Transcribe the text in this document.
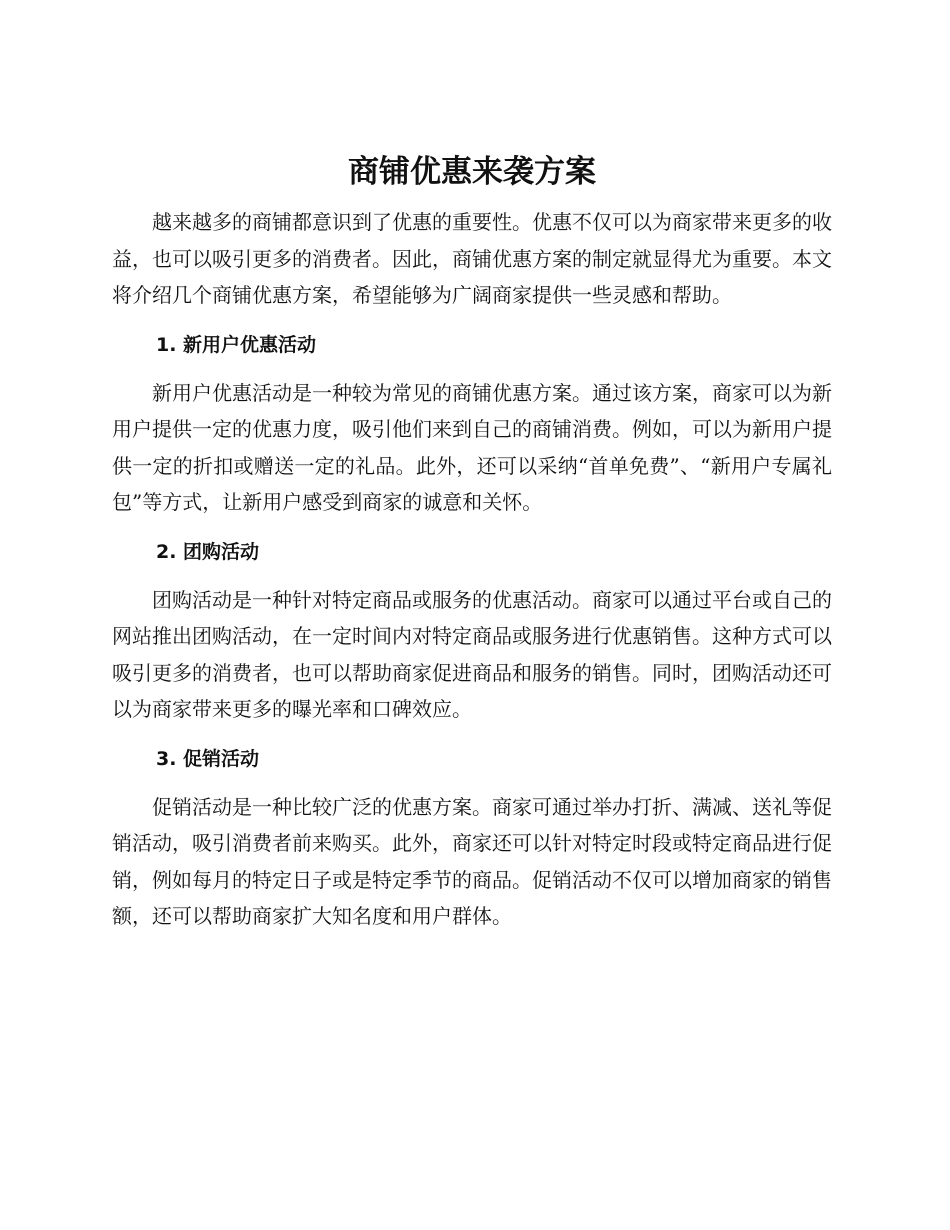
商铺优惠来袭方案

越来越多的商铺都意识到了优惠的重要性。优惠不仅可以为商家带来更多的收益，也可以吸引更多的消费者。因此，商铺优惠方案的制定就显得尤为重要。本文将介绍几个商铺优惠方案，希望能够为广阔商家提供一些灵感和帮助。

1. 新用户优惠活动

新用户优惠活动是一种较为常见的商铺优惠方案。通过该方案，商家可以为新用户提供一定的优惠力度，吸引他们来到自己的商铺消费。例如，可以为新用户提供一定的折扣或赠送一定的礼品。此外，还可以采纳“首单免费”、“新用户专属礼包”等方式，让新用户感受到商家的诚意和关怀。

2. 团购活动

团购活动是一种针对特定商品或服务的优惠活动。商家可以通过平台或自己的网站推出团购活动，在一定时间内对特定商品或服务进行优惠销售。这种方式可以吸引更多的消费者，也可以帮助商家促进商品和服务的销售。同时，团购活动还可以为商家带来更多的曝光率和口碑效应。

3. 促销活动

促销活动是一种比较广泛的优惠方案。商家可通过举办打折、满减、送礼等促销活动，吸引消费者前来购买。此外，商家还可以针对特定时段或特定商品进行促销，例如每月的特定日子或是特定季节的商品。促销活动不仅可以增加商家的销售额，还可以帮助商家扩大知名度和用户群体。
